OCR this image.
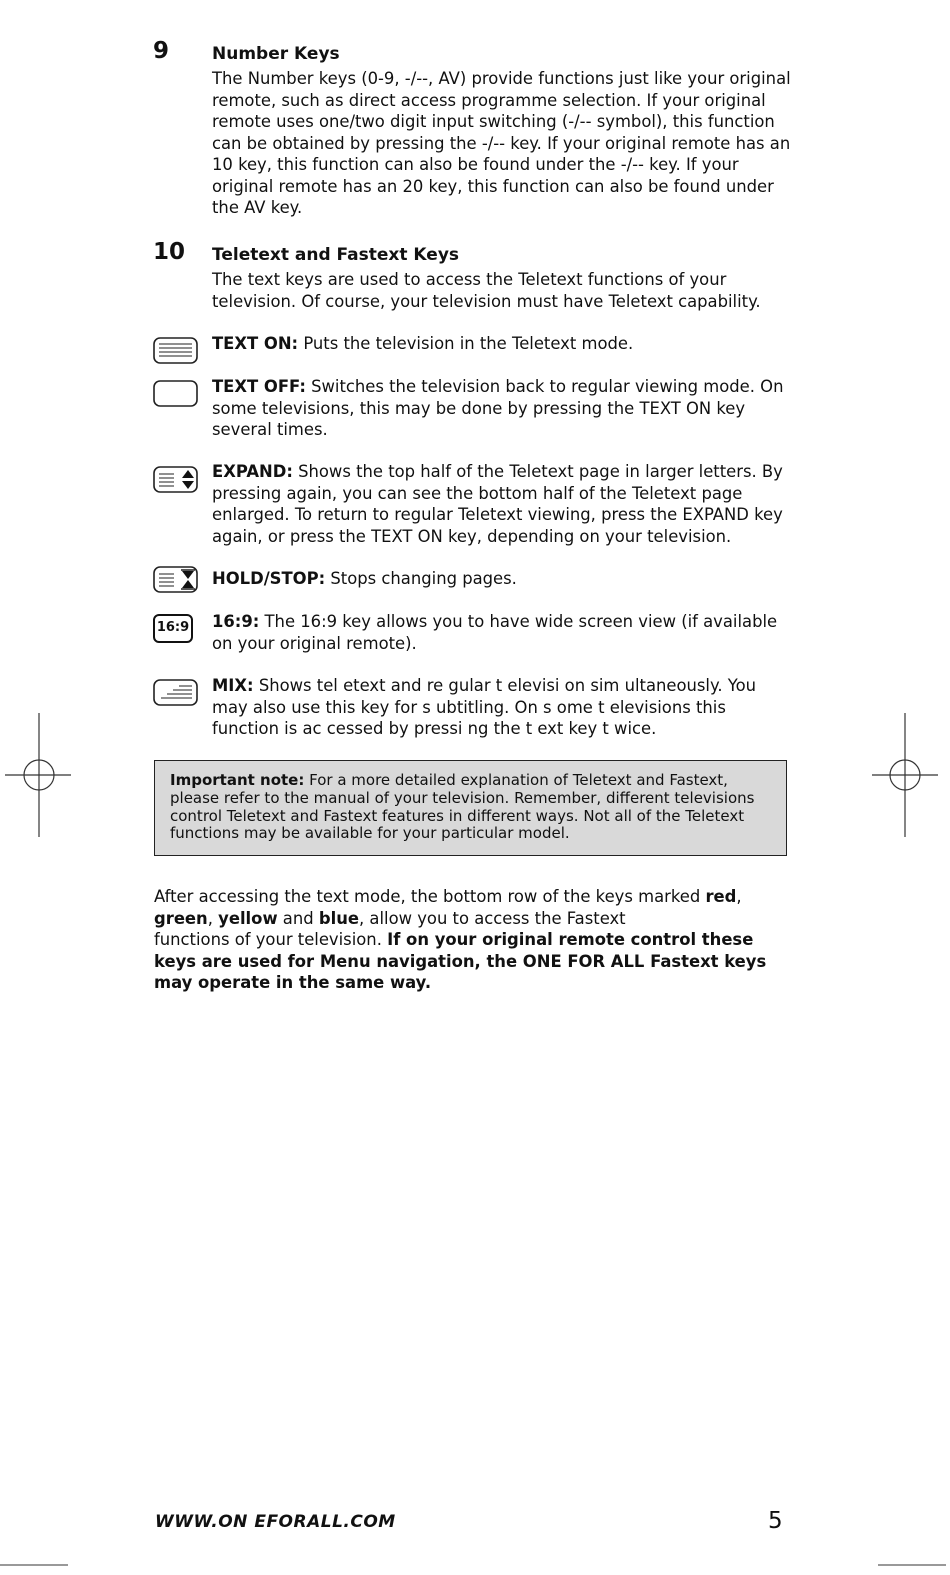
9	Number Keys
The Number keys (0-9, -/--, AV) provide functions just like your original remote, such as direct access programme selection. If your original remote uses one/two digit input switching (-/-- symbol), this function can be obtained by pressing the -/-- key. If your original remote has an 10 key, this function can also be found under the -/-- key. If your original remote has an 20 key, this function can also be found under the AV key.
10 Teletext and Fastext Keys
The text keys are used to access the Teletext functions of your television. Of course, your television must have Teletext capability.
TEXT ON: Puts the television in the Teletext mode.
TEXT OFF: Switches the television back to regular viewing mode. On some televisions, this may be done by pressing the TEXT ON key several times.
EXPAND: Shows the top half of the Teletext page in larger letters. By pressing again, you can see the bottom half of the Teletext page enlarged. To return to regular Teletext viewing, press the EXPAND key again, or press the TEXT ON key, depending on your television.
HOLD/STOP: Stops changing pages.
16:9 16:9: The 16:9 key allows you to have wide screen view (if available on your original remote).
MIX: Shows tel etext and re gular t elevisi on sim ultaneously. You may also use this key for s ubtitling. On s ome t elevisions this function is ac cessed by pressi ng the t ext key t wice.
Important note: For a more detailed explanation of Teletext and Fastext, please refer to the manual of your television. Remember, different televisions control Teletext and Fastext features in different ways. Not all of the Teletext functions may be available for your particular model.
After accessing the text mode, the bottom row of the keys marked red,
green, yellow and blue, allow you to access the Fastext
functions of your television. If on your original remote control these keys are used for Menu navigation, the ONE FOR ALL Fastext keys may operate in the same way.
WWW.ON EFORALL.COM	5
